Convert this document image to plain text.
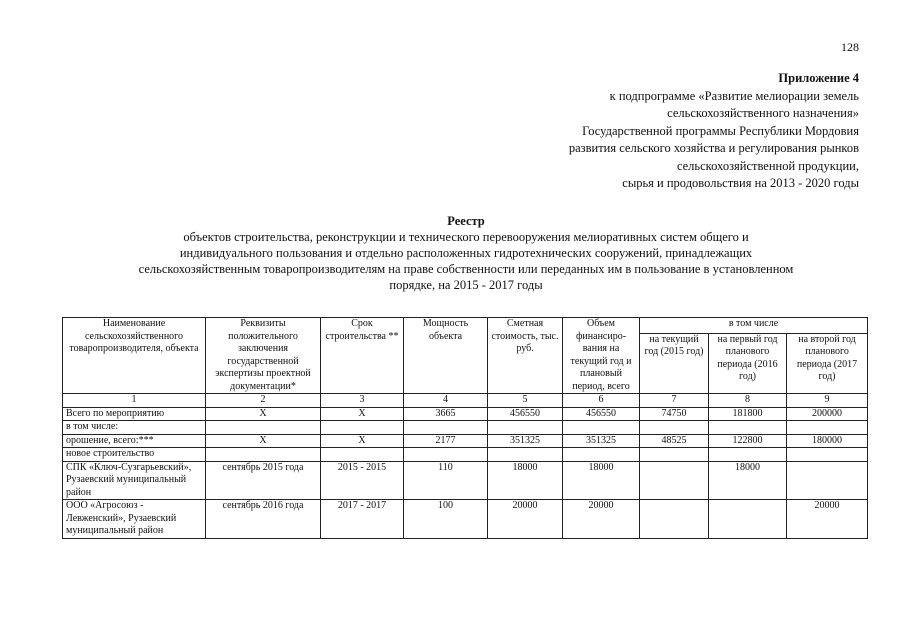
128
Приложение 4
к подпрограмме «Развитие мелиорации земель
сельскохозяйственного назначения»
Государственной программы Республики Мордовия
развития сельского хозяйства и регулирования рынков
сельскохозяйственной продукции,
сырья и продовольствия на 2013 - 2020 годы
Реестр
объектов строительства, реконструкции и технического перевооружения мелиоративных систем общего и
индивидуального пользования и отдельно расположенных гидротехнических сооружений, принадлежащих
сельскохозяйственным товаропроизводителям на праве собственности или переданных им в пользование в установленном
порядке, на 2015 - 2017 годы
Наименование сельскохозяйственного товаропроизводителя, объекта	Реквизиты положительного заключения государственной экспертизы проектной документации*	Срок строительства **	Мощность объекта	Сметная стоимость, тыс. руб.	Объем финансиро-вания на текущий год и плановый период, всего	в том числе		
						на текущий год (2015 год)	на первый год планового периода (2016 год)	на второй год планового периода (2017 год)
1	2	3	4	5	6	7	8	9
Всего по мероприятию	Х	Х	3665	456550	456550	74750	181800	200000
в том числе:								
орошение, всего:***	Х	Х	2177	351325	351325	48525	122800	180000
новое строительство								
СПК «Ключ-Сузгарьевский», Рузаевский муниципальный район	сентябрь 2015 года	2015 - 2015	110	18000	18000		18000	
ООО «Агросоюз - Левженский», Рузаевский муниципальный район	сентябрь 2016 года	2017 - 2017	100	20000	20000			20000
